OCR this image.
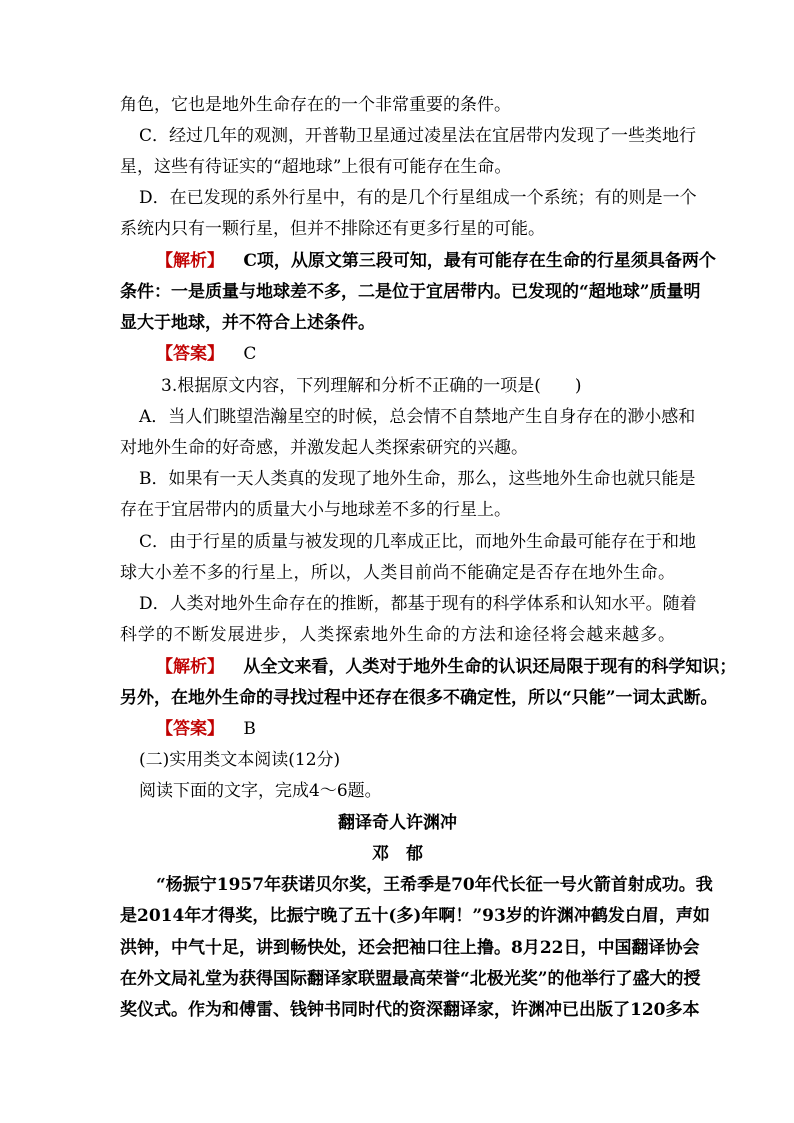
角色，它也是地外生命存在的一个非常重要的条件。
C．经过几年的观测，开普勒卫星通过凌星法在宜居带内发现了一些类地行
星，这些有待证实的“超地球”上很有可能存在生命。
D．在已发现的系外行星中，有的是几个行星组成一个系统；有的则是一个
系统内只有一颗行星，但并不排除还有更多行星的可能。
【解析】 C项，从原文第三段可知，最有可能存在生命的行星须具备两个
条件：一是质量与地球差不多，二是位于宜居带内。已发现的“超地球”质量明
显大于地球，并不符合上述条件。
【答案】 C
3.根据原文内容，下列理解和分析不正确的一项是(　　)
A．当人们眺望浩瀚星空的时候，总会情不自禁地产生自身存在的渺小感和
对地外生命的好奇感，并激发起人类探索研究的兴趣。
B．如果有一天人类真的发现了地外生命，那么，这些地外生命也就只能是
存在于宜居带内的质量大小与地球差不多的行星上。
C．由于行星的质量与被发现的几率成正比，而地外生命最可能存在于和地
球大小差不多的行星上，所以，人类目前尚不能确定是否存在地外生命。
D．人类对地外生命存在的推断，都基于现有的科学体系和认知水平。随着
科学的不断发展进步，人类探索地外生命的方法和途径将会越来越多。
【解析】 从全文来看，人类对于地外生命的认识还局限于现有的科学知识；
另外，在地外生命的寻找过程中还存在很多不确定性，所以“只能”一词太武断。
【答案】 B
(二)实用类文本阅读(12分)
阅读下面的文字，完成4～6题。
翻译奇人许渊冲
邓　郁
“杨振宁1957年获诺贝尔奖，王希季是70年代长征一号火箭首射成功。我
是2014年才得奖，比振宁晚了五十(多)年啊！”93岁的许渊冲鹤发白眉，声如
洪钟，中气十足，讲到畅快处，还会把袖口往上撸。8月22日，中国翻译协会
在外文局礼堂为获得国际翻译家联盟最高荣誉“北极光奖”的他举行了盛大的授
奖仪式。作为和傅雷、钱钟书同时代的资深翻译家，许渊冲已出版了120多本
